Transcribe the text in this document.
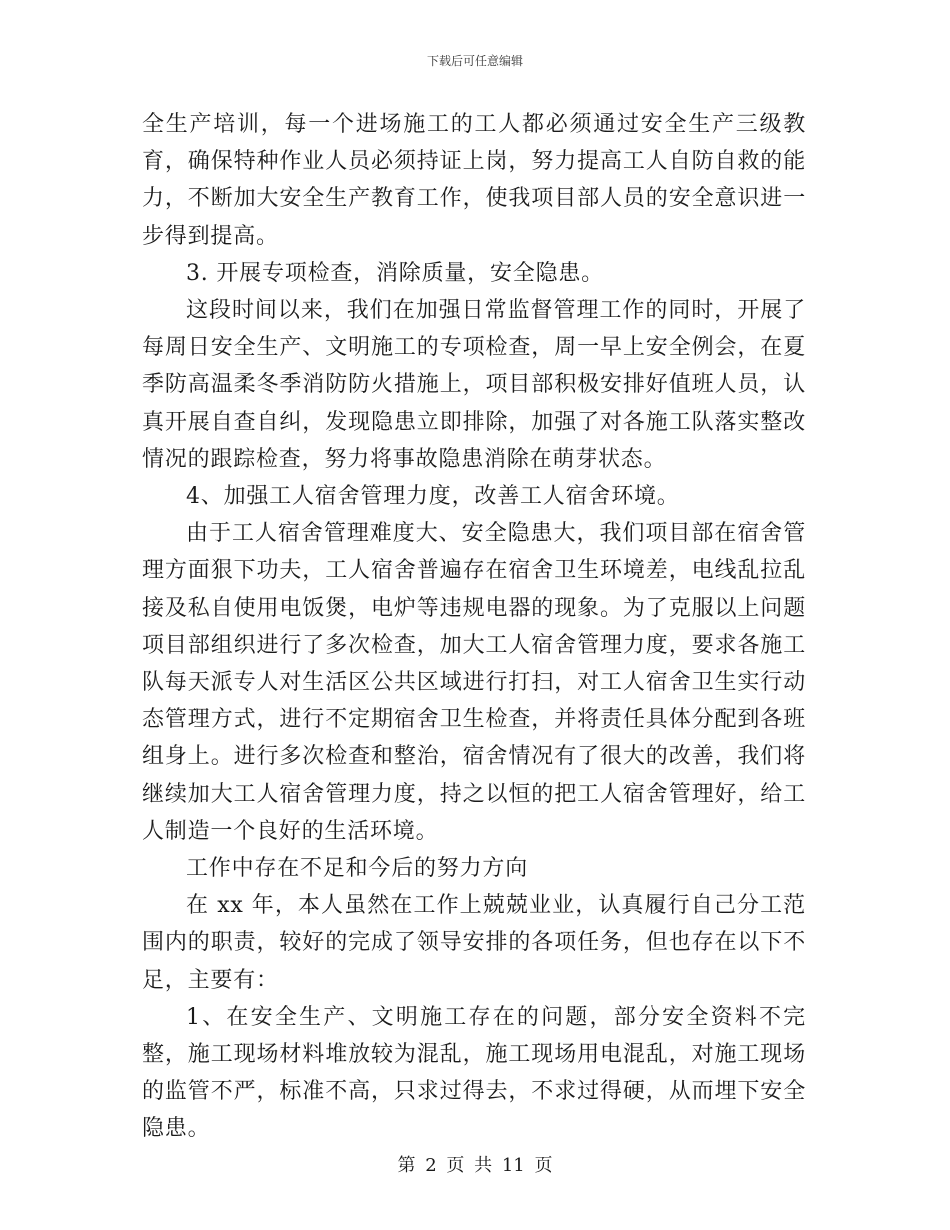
下载后可任意编辑

全生产培训，每一个进场施工的工人都必须通过安全生产三级教育，确保特种作业人员必须持证上岗，努力提高工人自防自救的能力，不断加大安全生产教育工作，使我项目部人员的安全意识进一步得到提高。

3. 开展专项检查，消除质量，安全隐患。

这段时间以来，我们在加强日常监督管理工作的同时，开展了每周日安全生产、文明施工的专项检查，周一早上安全例会，在夏季防高温柔冬季消防防火措施上，项目部积极安排好值班人员，认真开展自查自纠，发现隐患立即排除，加强了对各施工队落实整改情况的跟踪检查，努力将事故隐患消除在萌芽状态。

4、加强工人宿舍管理力度，改善工人宿舍环境。

由于工人宿舍管理难度大、安全隐患大，我们项目部在宿舍管理方面狠下功夫，工人宿舍普遍存在宿舍卫生环境差，电线乱拉乱接及私自使用电饭煲，电炉等违规电器的现象。为了克服以上问题项目部组织进行了多次检查，加大工人宿舍管理力度，要求各施工队每天派专人对生活区公共区域进行打扫，对工人宿舍卫生实行动态管理方式，进行不定期宿舍卫生检查，并将责任具体分配到各班组身上。进行多次检查和整治，宿舍情况有了很大的改善，我们将继续加大工人宿舍管理力度，持之以恒的把工人宿舍管理好，给工人制造一个良好的生活环境。

工作中存在不足和今后的努力方向

在 xx 年，本人虽然在工作上兢兢业业，认真履行自己分工范围内的职责，较好的完成了领导安排的各项任务，但也存在以下不足，主要有：

1、在安全生产、文明施工存在的问题，部分安全资料不完整，施工现场材料堆放较为混乱，施工现场用电混乱，对施工现场的监管不严，标准不高，只求过得去，不求过得硬，从而埋下安全隐患。

第 2 页 共 11 页
